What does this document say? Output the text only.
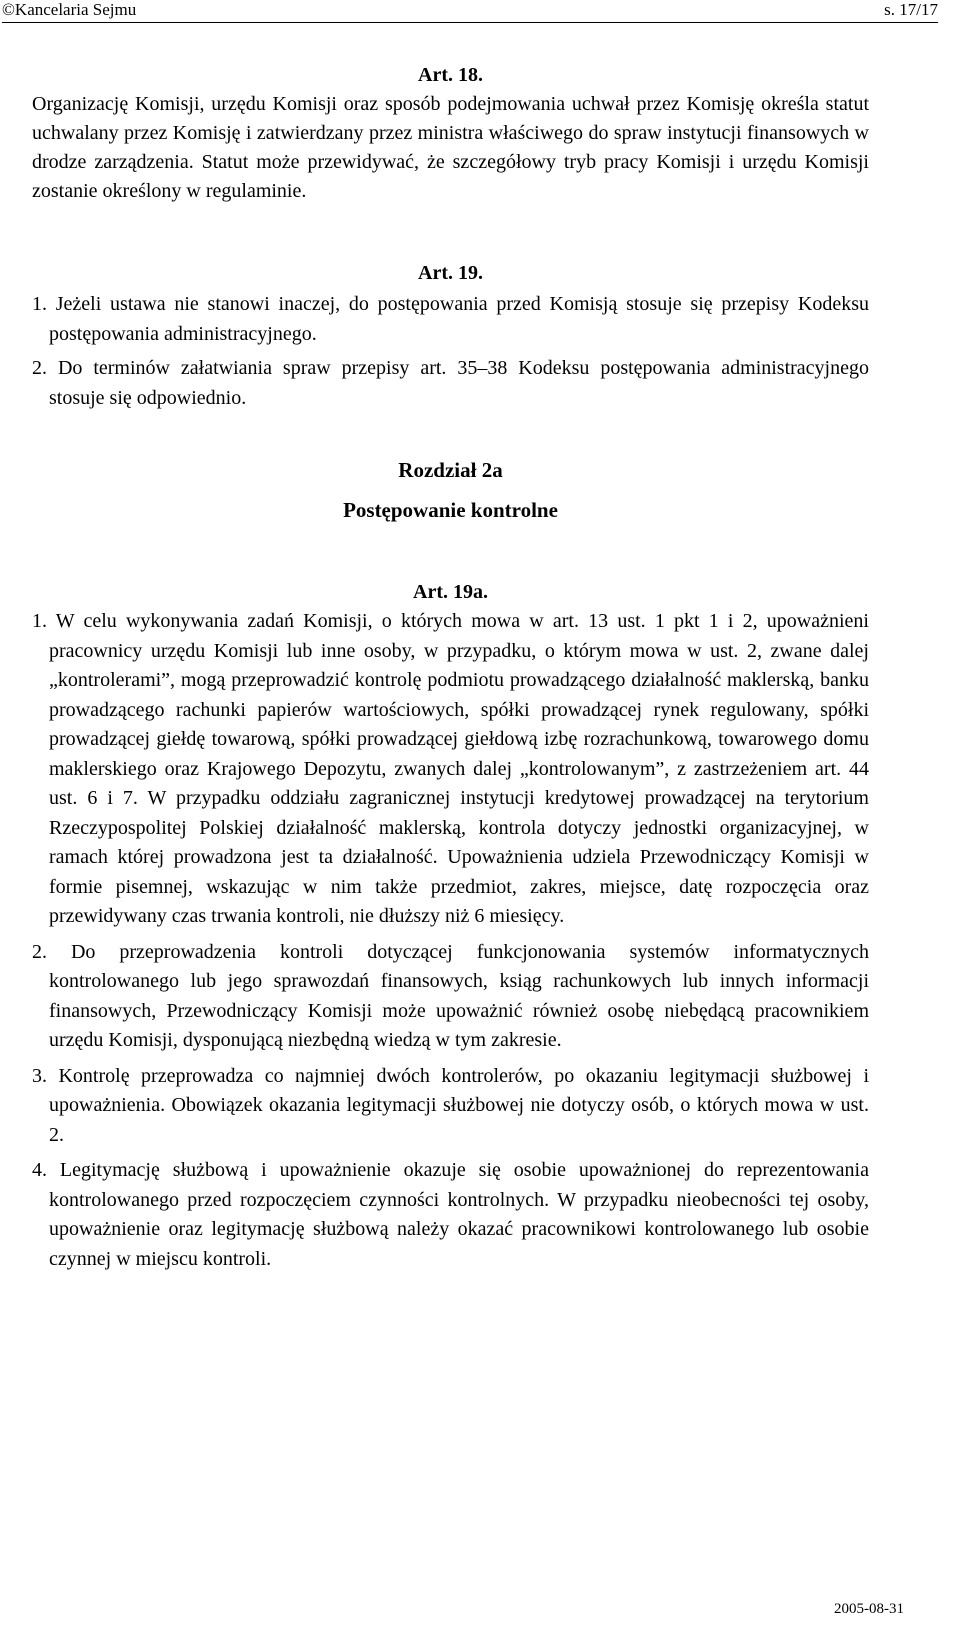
©Kancelaria Sejmu	s. 17/17

Art. 18.

Organizację Komisji, urzędu Komisji oraz sposób podejmowania uchwał przez Komisję określa statut uchwalany przez Komisję i zatwierdzany przez ministra właściwego do spraw instytucji finansowych w drodze zarządzenia. Statut może przewidywać, że szczegółowy tryb pracy Komisji i urzędu Komisji zostanie określony w regulaminie.

Art. 19.

1. Jeżeli ustawa nie stanowi inaczej, do postępowania przed Komisją stosuje się przepisy Kodeksu postępowania administracyjnego.

2. Do terminów załatwiania spraw przepisy art. 35–38 Kodeksu postępowania administracyjnego stosuje się odpowiednio.

Rozdział 2a

Postępowanie kontrolne

Art. 19a.

1. W celu wykonywania zadań Komisji, o których mowa w art. 13 ust. 1 pkt 1 i 2, upoważnieni pracownicy urzędu Komisji lub inne osoby, w przypadku, o którym mowa w ust. 2, zwane dalej „kontrolerami”, mogą przeprowadzić kontrolę podmiotu prowadzącego działalność maklerską, banku prowadzącego rachunki papierów wartościowych, spółki prowadzącej rynek regulowany, spółki prowadzącej giełdę towarową, spółki prowadzącej giełdową izbę rozrachunkową, towarowego domu maklerskiego oraz Krajowego Depozytu, zwanych dalej „kontrolowanym”, z zastrzeżeniem art. 44 ust. 6 i 7. W przypadku oddziału zagranicznej instytucji kredytowej prowadzącej na terytorium Rzeczypospolitej Polskiej działalność maklerską, kontrola dotyczy jednostki organizacyjnej, w ramach której prowadzona jest ta działalność. Upoważnienia udziela Przewodniczący Komisji w formie pisemnej, wskazując w nim także przedmiot, zakres, miejsce, datę rozpoczęcia oraz przewidywany czas trwania kontroli, nie dłuższy niż 6 miesięcy.

2. Do przeprowadzenia kontroli dotyczącej funkcjonowania systemów informatycznych kontrolowanego lub jego sprawozdań finansowych, ksiąg rachunkowych lub innych informacji finansowych, Przewodniczący Komisji może upoważnić również osobę niebędącą pracownikiem urzędu Komisji, dysponującą niezbędną wiedzą w tym zakresie.

3. Kontrolę przeprowadza co najmniej dwóch kontrolerów, po okazaniu legitymacji służbowej i upoważnienia. Obowiązek okazania legitymacji służbowej nie dotyczy osób, o których mowa w ust. 2.

4. Legitymację służbową i upoważnienie okazuje się osobie upoważnionej do reprezentowania kontrolowanego przed rozpoczęciem czynności kontrolnych. W przypadku nieobecności tej osoby, upoważnienie oraz legitymację służbową należy okazać pracownikowi kontrolowanego lub osobie czynnej w miejscu kontroli.

2005-08-31
